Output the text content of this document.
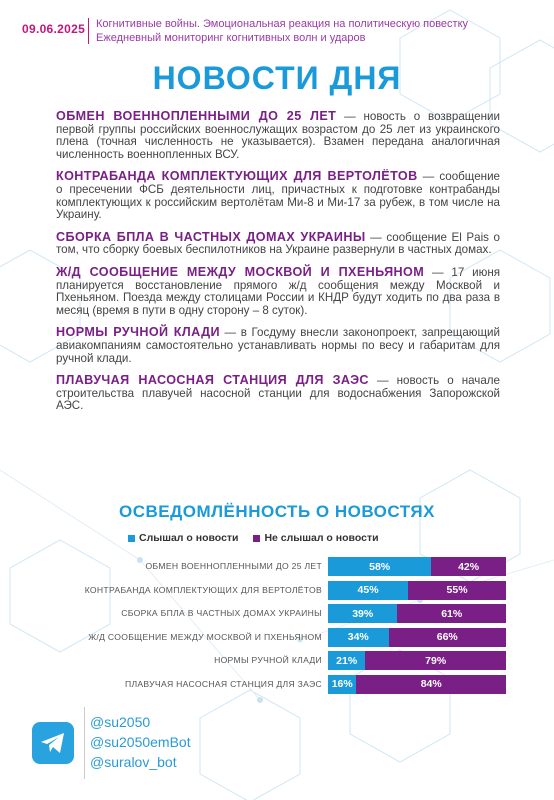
09.06.2025 Когнитивные войны. Эмоциональная реакция на политическую повестку
Ежедневный мониторинг когнитивных волн и ударов
НОВОСТИ ДНЯ

ОБМЕН ВОЕННОПЛЕННЫМИ ДО 25 ЛЕТ — новость о возвращении первой группы российских военнослужащих возрастом до 25 лет из украинского плена (точная численность не указывается). Взамен передана аналогичная численность военнопленных ВСУ.

КОНТРАБАНДА КОМПЛЕКТУЮЩИХ ДЛЯ ВЕРТОЛЁТОВ — сообщение о пресечении ФСБ деятельности лиц, причастных к подготовке контрабанды комплектующих к российским вертолётам Ми-8 и Ми-17 за рубеж, в том числе на Украину.

СБОРКА БПЛА В ЧАСТНЫХ ДОМАХ УКРАИНЫ — сообщение El Pais о том, что сборку боевых беспилотников на Украине развернули в частных домах.

Ж/Д СООБЩЕНИЕ МЕЖДУ МОСКВОЙ И ПХЕНЬЯНОМ — 17 июня планируется восстановление прямого ж/д сообщения между Москвой и Пхеньяном. Поезда между столицами России и КНДР будут ходить по два раза в месяц (время в пути в одну сторону – 8 суток).

НОРМЫ РУЧНОЙ КЛАДИ — в Госдуму внесли законопроект, запрещающий авиакомпаниям самостоятельно устанавливать нормы по весу и габаритам для ручной клади.

ПЛАВУЧАЯ НАСОСНАЯ СТАНЦИЯ ДЛЯ ЗАЭС — новость о начале строительства плавучей насосной станции для водоснабжения Запорожской АЭС.

ОСВЕДОМЛЁННОСТЬ О НОВОСТЯХ
Слышал о новости
Не слышал о новости
ОБМЕН ВОЕННОПЛЕННЫМИ ДО 25 ЛЕТ	58%	42%
КОНТРАБАНДА КОМПЛЕКТУЮЩИХ ДЛЯ ВЕРТОЛЁТОВ	45%	55%
СБОРКА БПЛА В ЧАСТНЫХ ДОМАХ УКРАИНЫ	39%	61%
Ж/Д СООБЩЕНИЕ МЕЖДУ МОСКВОЙ И ПХЕНЬЯНОМ 34%	66%
НОРМЫ РУЧНОЙ КЛАДИ 21%	79%
ПЛАВУЧАЯ НАСОСНАЯ СТАНЦИЯ ДЛЯ ЗАЭС 16%	84%
@su2050
@su2050emBot
@suralov_bot
